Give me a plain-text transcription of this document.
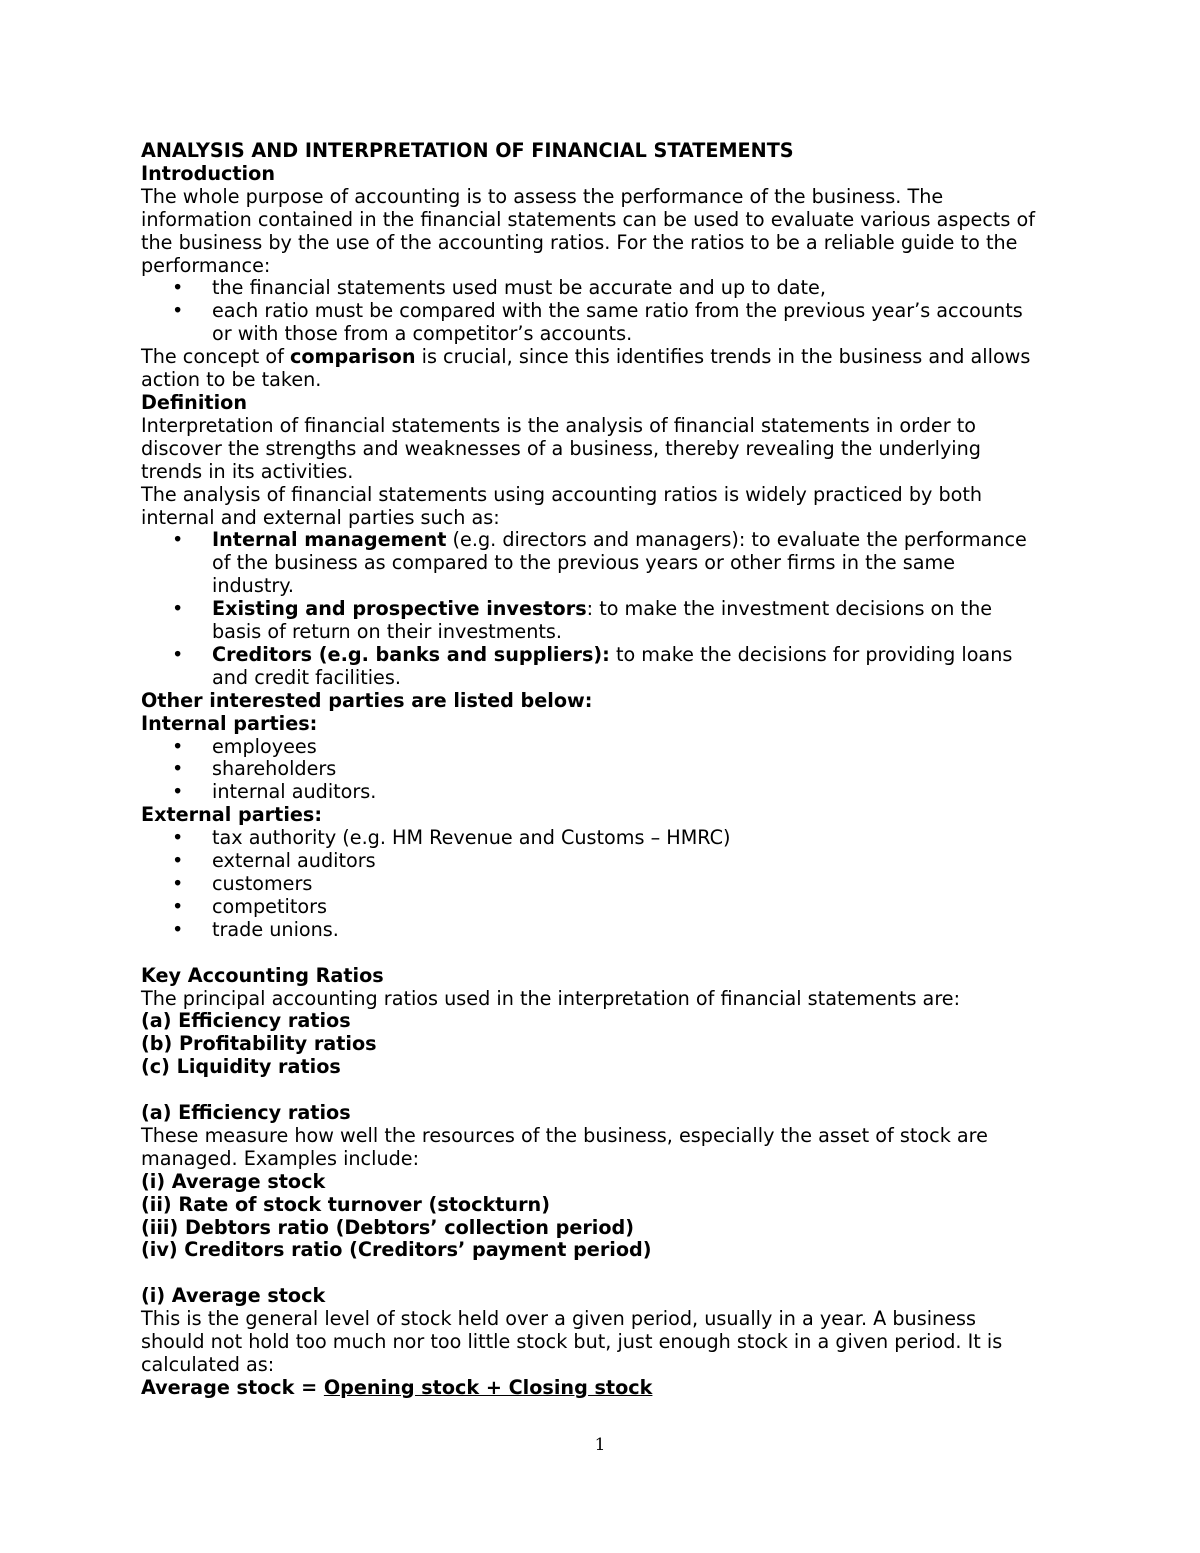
ANALYSIS AND INTERPRETATION OF FINANCIAL STATEMENTS

Introduction

The whole purpose of accounting is to assess the performance of the business. The

information contained in the financial statements can be used to evaluate various aspects of

the business by the use of the accounting ratios. For the ratios to be a reliable guide to the

performance:

•	the financial statements used must be accurate and up to date,
•	each ratio must be compared with the same ratio from the previous year’s accounts
or with those from a competitor’s accounts.

The concept of comparison is crucial, since this identifies trends in the business and allows

action to be taken.

Definition

Interpretation of financial statements is the analysis of financial statements in order to

discover the strengths and weaknesses of a business, thereby revealing the underlying

trends in its activities.

The analysis of financial statements using accounting ratios is widely practiced by both

internal and external parties such as:

•	Internal management (e.g. directors and managers): to evaluate the performance
of the business as compared to the previous years or other firms in the same
industry.
•	Existing and prospective investors: to make the investment decisions on the
basis of return on their investments.
•	Creditors (e.g. banks and suppliers): to make the decisions for providing loans
and credit facilities.

Other interested parties are listed below:

Internal parties:

•	employees
•	shareholders
•	internal auditors.

External parties:

•	tax authority (e.g. HM Revenue and Customs – HMRC)
•	external auditors
•	customers
•	competitors
•	trade unions.

Key Accounting Ratios

The principal accounting ratios used in the interpretation of financial statements are:

(a) Efficiency ratios

(b) Profitability ratios

(c) Liquidity ratios

(a) Efficiency ratios

These measure how well the resources of the business, especially the asset of stock are

managed. Examples include:

(i) Average stock

(ii) Rate of stock turnover (stockturn)

(iii) Debtors ratio (Debtors’ collection period)

(iv) Creditors ratio (Creditors’ payment period)

(i) Average stock

This is the general level of stock held over a given period, usually in a year. A business

should not hold too much nor too little stock but, just enough stock in a given period. It is

calculated as:

Average stock = Opening stock + Closing stock

1
